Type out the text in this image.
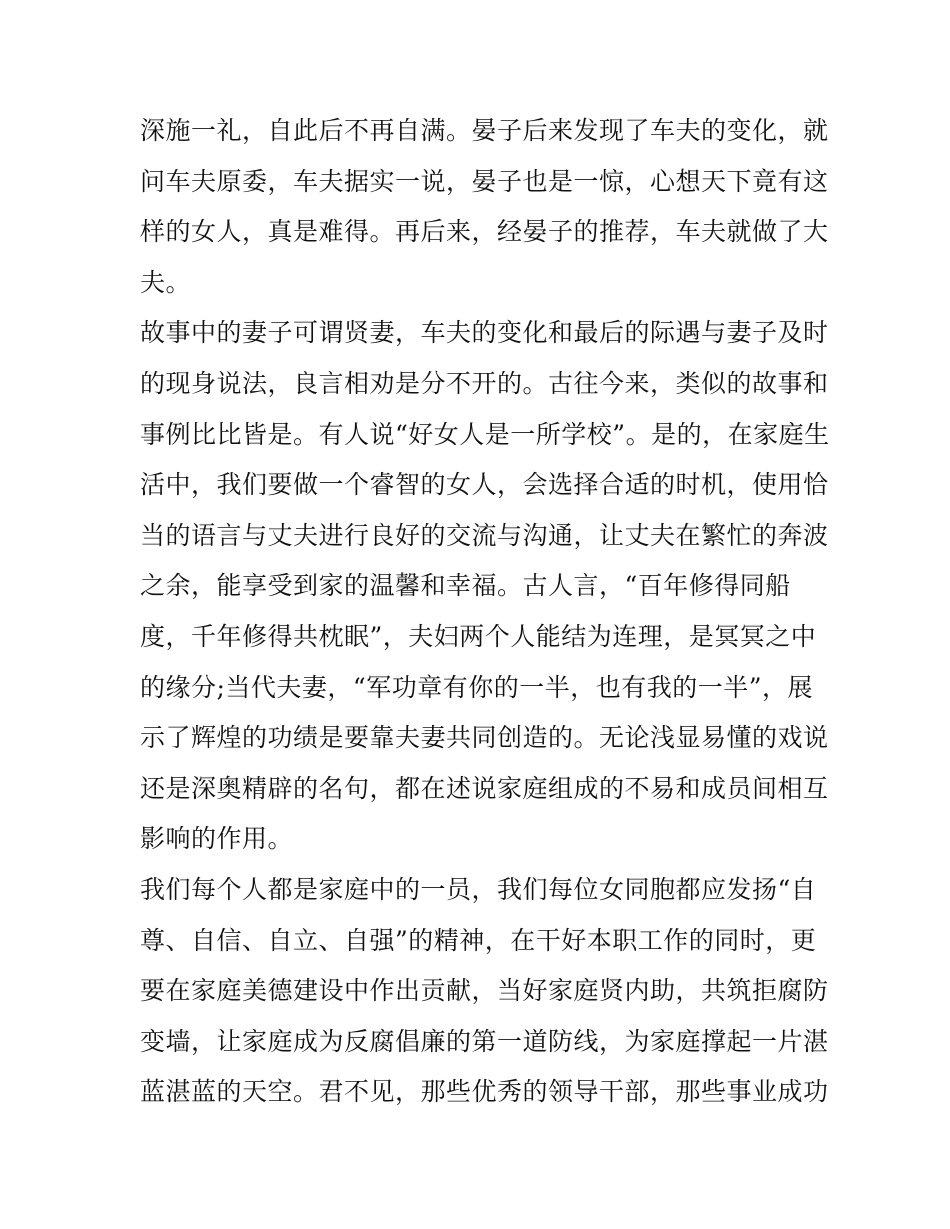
深施一礼，自此后不再自满。晏子后来发现了车夫的变化，就
问车夫原委，车夫据实一说，晏子也是一惊，心想天下竟有这
样的女人，真是难得。再后来，经晏子的推荐，车夫就做了大
夫。
故事中的妻子可谓贤妻，车夫的变化和最后的际遇与妻子及时
的现身说法，良言相劝是分不开的。古往今来，类似的故事和
事例比比皆是。有人说“好女人是一所学校”。是的，在家庭生
活中，我们要做一个睿智的女人，会选择合适的时机，使用恰
当的语言与丈夫进行良好的交流与沟通，让丈夫在繁忙的奔波
之余，能享受到家的温馨和幸福。古人言，“百年修得同船
度，千年修得共枕眠”，夫妇两个人能结为连理，是冥冥之中
的缘分;当代夫妻，“军功章有你的一半，也有我的一半”，展
示了辉煌的功绩是要靠夫妻共同创造的。无论浅显易懂的戏说
还是深奥精辟的名句，都在述说家庭组成的不易和成员间相互
影响的作用。
我们每个人都是家庭中的一员，我们每位女同胞都应发扬“自
尊、自信、自立、自强”的精神，在干好本职工作的同时，更
要在家庭美德建设中作出贡献，当好家庭贤内助，共筑拒腐防
变墙，让家庭成为反腐倡廉的第一道防线，为家庭撑起一片湛
蓝湛蓝的天空。君不见，那些优秀的领导干部，那些事业成功
